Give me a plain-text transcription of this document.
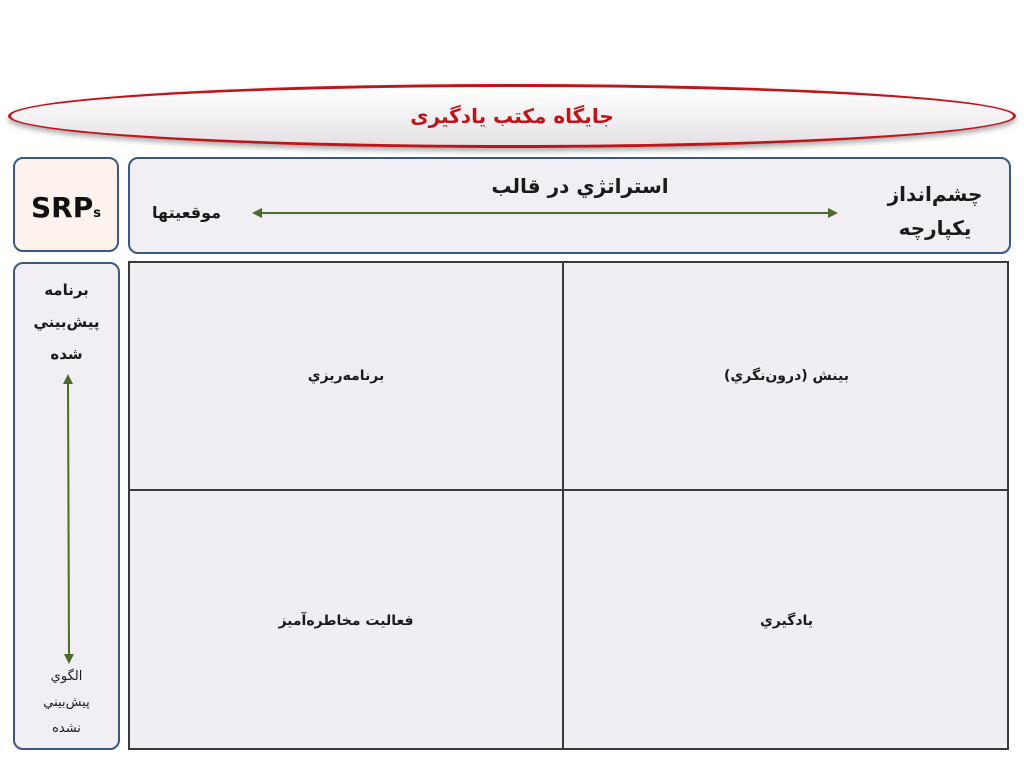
جایگاه مکتب یادگیری
SRPs
استراتژي در قالب
موقعیتها
چشم‌انداز
یکپارچه
برنامه
پيش‌بيني
شده
الگوي
پيش‌بيني
نشده
برنامه‌ريزي	بينش (درون‌نگري)
فعاليت مخاطره‌آميز	يادگيري
